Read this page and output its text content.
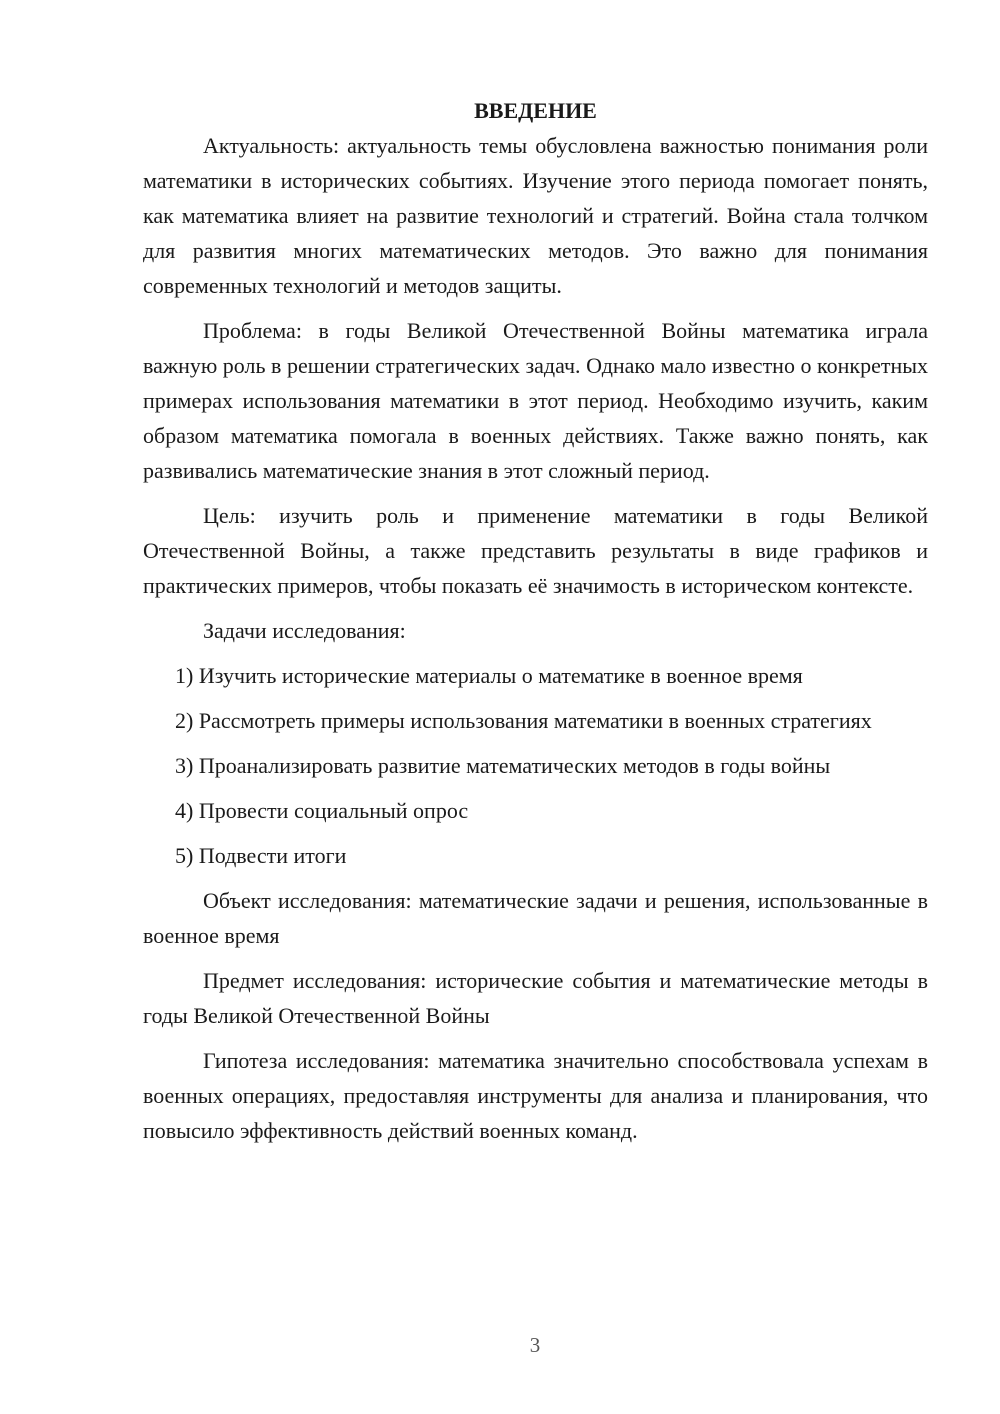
ВВЕДЕНИЕ

Актуальность: актуальность темы обусловлена важностью понимания роли математики в исторических событиях. Изучение этого периода помогает понять, как математика влияет на развитие технологий и стратегий. Война стала толчком для развития многих математических методов. Это важно для понимания современных технологий и методов защиты.

Проблема: в годы Великой Отечественной Войны математика играла важную роль в решении стратегических задач. Однако мало известно о конкретных примерах использования математики в этот период. Необходимо изучить, каким образом математика помогала в военных действиях. Также важно понять, как развивались математические знания в этот сложный период.

Цель: изучить роль и применение математики в годы Великой Отечественной Войны, а также представить результаты в виде графиков и практических примеров, чтобы показать её значимость в историческом контексте.

Задачи исследования:

1) Изучить исторические материалы о математике в военное время

2) Рассмотреть примеры использования математики в военных стратегиях

3) Проанализировать развитие математических методов в годы войны

4) Провести социальный опрос

5) Подвести итоги

Объект исследования: математические задачи и решения, использованные в военное время

Предмет исследования: исторические события и математические методы в годы Великой Отечественной Войны

Гипотеза исследования: математика значительно способствовала успехам в военных операциях, предоставляя инструменты для анализа и планирования, что повысило эффективность действий военных команд.

3
